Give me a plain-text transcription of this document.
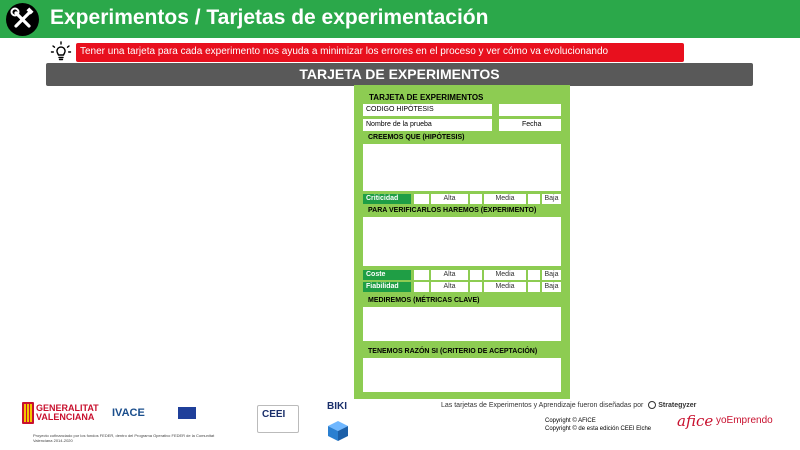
Experimentos / Tarjetas de experimentación
Tener una tarjeta para cada experimento nos ayuda a minimizar los errores en el proceso y ver cómo va evolucionando
TARJETA DE EXPERIMENTOS
TARJETA DE EXPERIMENTOS
CODIGO HIPÓTESIS
Nombre de la prueba	Fecha
CREEMOS QUE (HIPÓTESIS)
Criticidad	Alta	Media	Baja
PARA VERIFICARLOS HAREMOS (EXPERIMENTO)
Coste	Alta	Media	Baja
Fiabilidad	Alta	Media	Baja
MEDIREMOS (MÉTRICAS CLAVE)
TENEMOS RAZÓN SI (CRITERIO DE ACEPTACIÓN)
GENERALITAT
VALENCIANA	IVACE	CEEI
BIKI
Proyecto cofinanciado por los fondos FEDER, dentro del Programa Operativo FEDER de la Comunitat Valenciana 2014-2020
Las tarjetas de Experimentos y Aprendizaje fueron diseñadas por Strategyzer
Copyright © AFICE
Copyright © de esta edición CEEI Elche afice yoEmprendo
